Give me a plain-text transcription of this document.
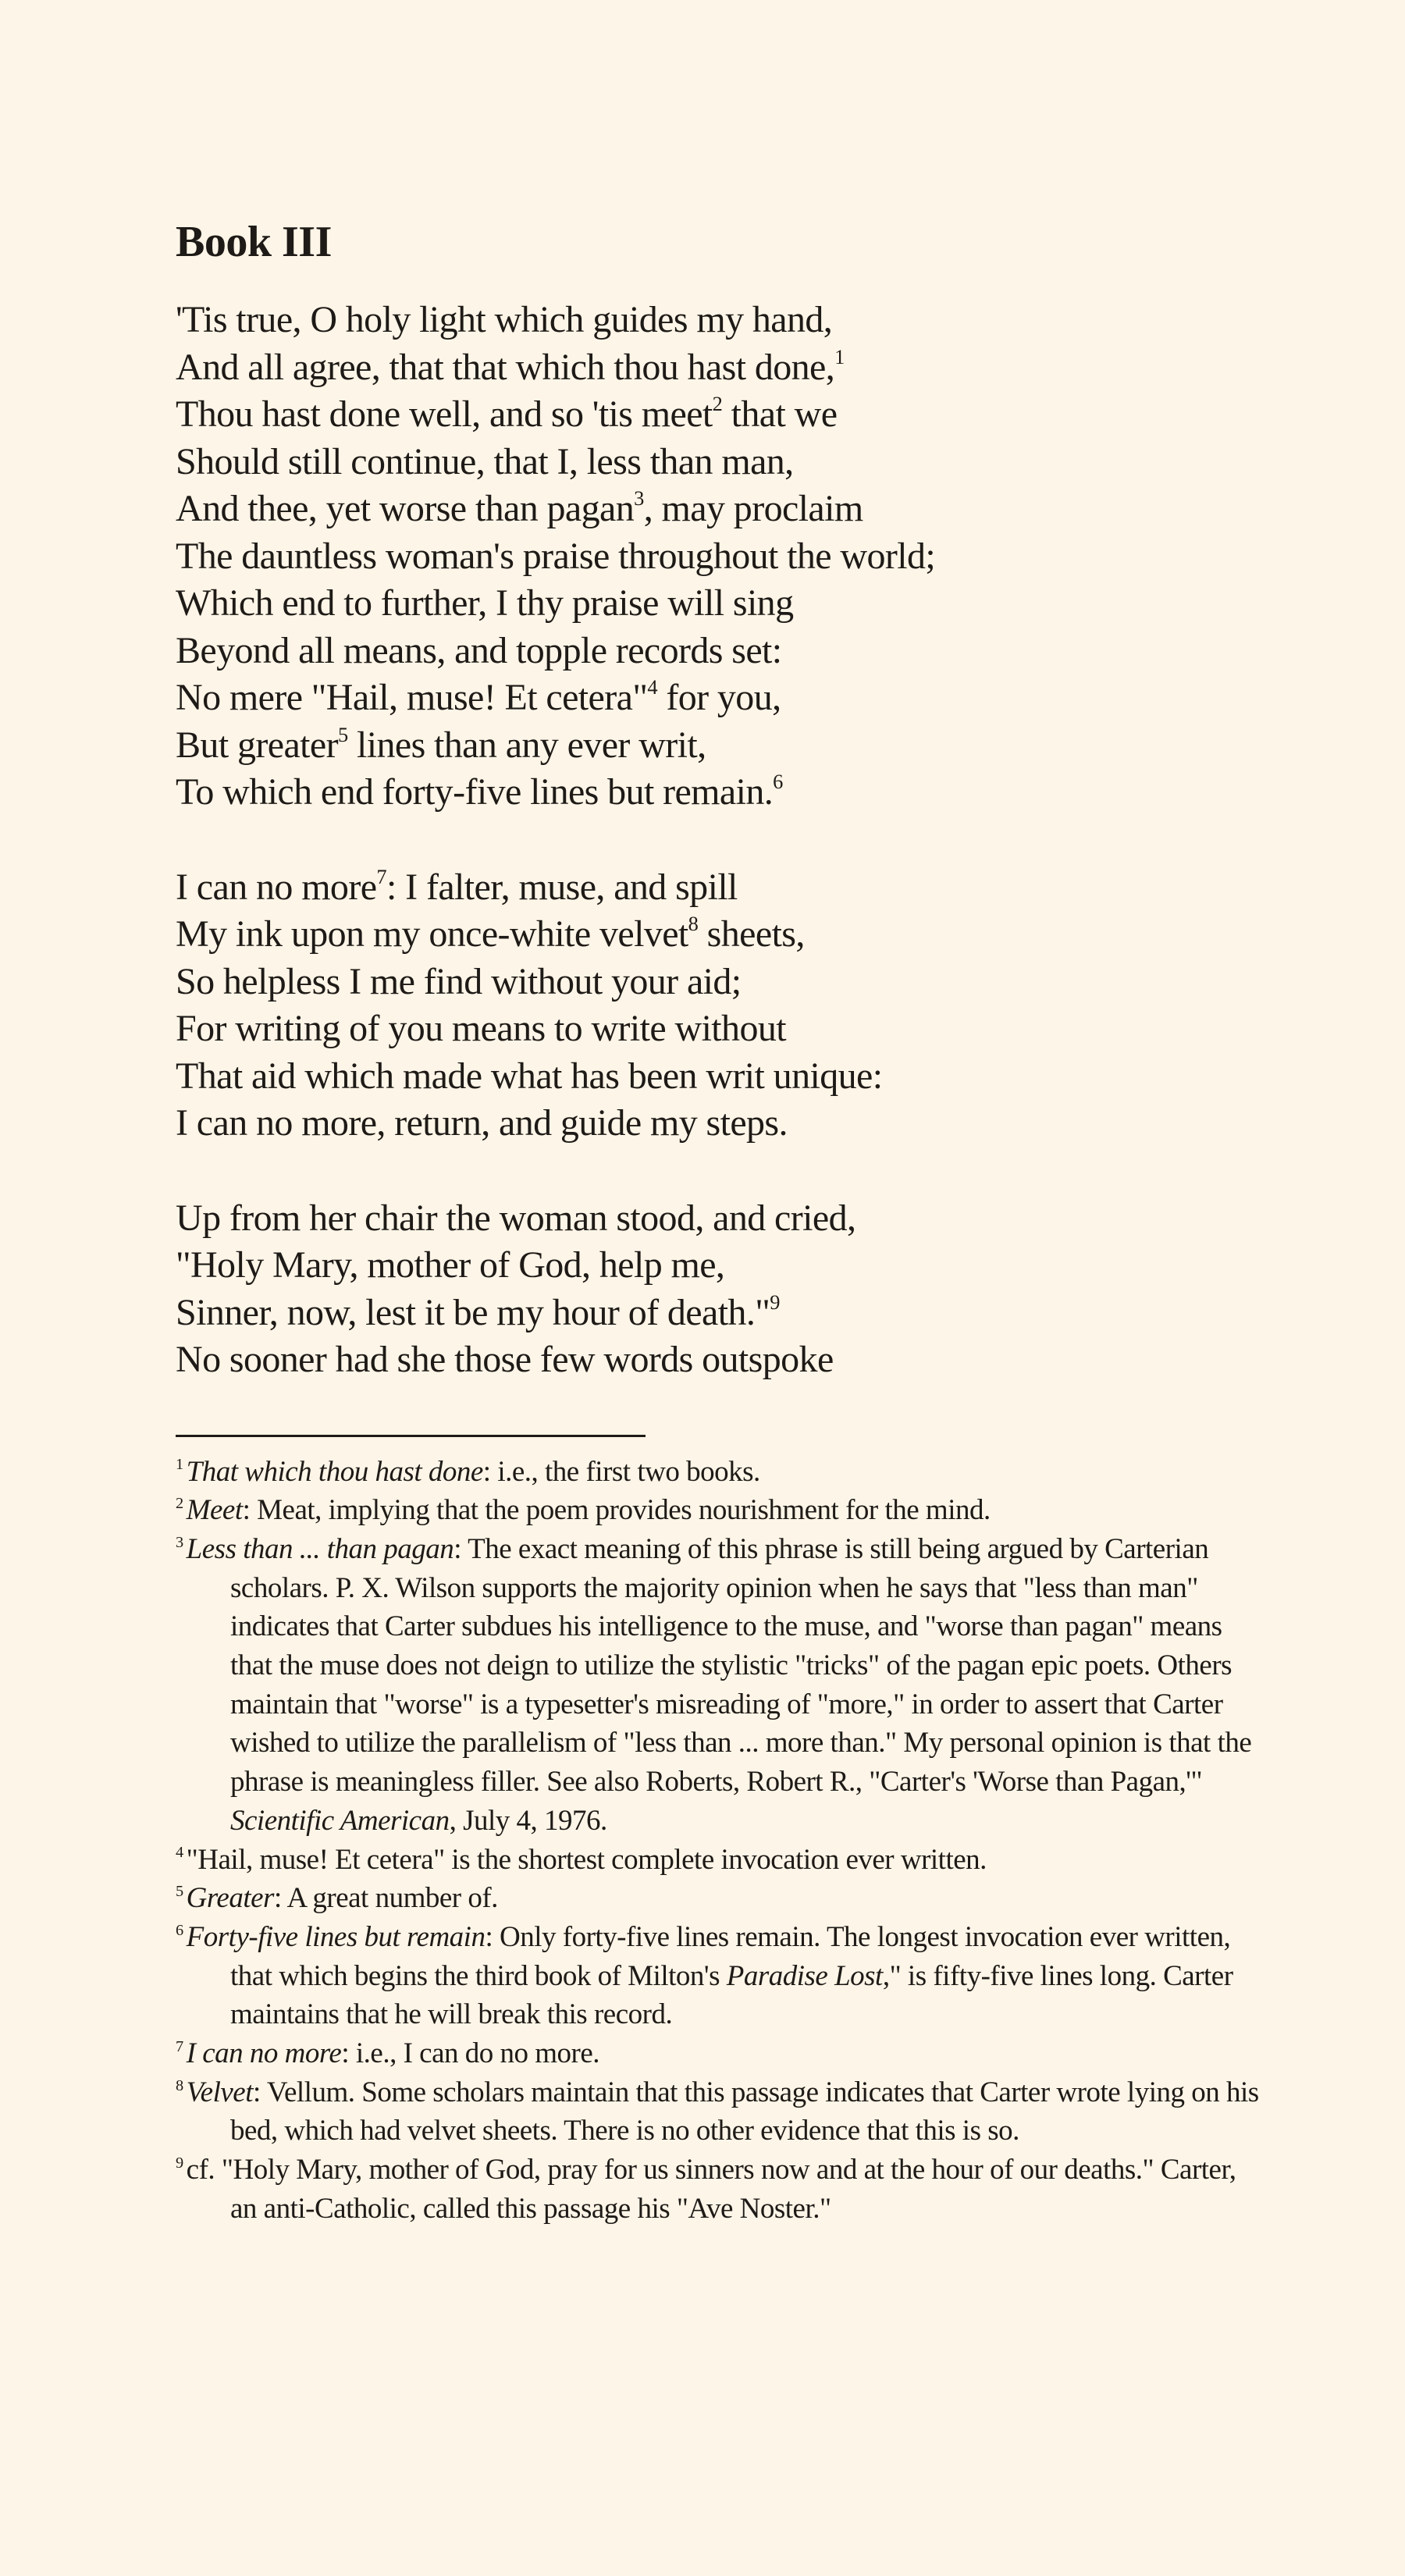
Book III
'Tis true, O holy light which guides my hand,
And all agree, that that which thou hast done,$^1$
Thou hast done well, and so 'tis meet$^2$ that we
Should still continue, that I, less than man,
And thee, yet worse than pagan$^3$, may proclaim
The dauntless woman's praise throughout the world;
Which end to further, I thy praise will sing
Beyond all means, and topple records set:
No mere "Hail, muse! Et cetera"$^4$ for you,
But greater$^5$ lines than any ever writ,
To which end forty-five lines but remain.$^6$
I can no more$^7$: I falter, muse, and spill
My ink upon my once-white velvet$^8$ sheets,
So helpless I me find without your aid;
For writing of you means to write without
That aid which made what has been writ unique:
I can no more, return, and guide my steps.
Up from her chair the woman stood, and cried,
"Holy Mary, mother of God, help me,
Sinner, now, lest it be my hour of death."$^9$
No sooner had she those few words outspoke
$^1$ That which thou hast done: i.e., the first two books.
$^2$ Meet: Meat, implying that the poem provides nourishment for the mind.
$^3$ Less than ... than pagan: The exact meaning of this phrase is still being argued by Carterian scholars. P. X. Wilson supports the majority opinion when he says that "less than man" indicates that Carter subdues his intelligence to the muse, and "worse than pagan" means that the muse does not deign to utilize the stylistic "tricks" of the pagan epic poets. Others maintain that "worse" is a typesetter's misreading of "more," in order to assert that Carter wished to utilize the parallelism of "less than ... more than." My personal opinion is that the phrase is meaningless filler. See also Roberts, Robert R., "Carter's 'Worse than Pagan,'" Scientific American, July 4, 1976.
$^4$ "Hail, muse! Et cetera" is the shortest complete invocation ever written.
$^5$ Greater: A great number of.
$^6$ Forty-five lines but remain: Only forty-five lines remain. The longest invocation ever written, that which begins the third book of Milton's Paradise Lost," is fifty-five lines long. Carter maintains that he will break this record.
$^7$ I can no more: i.e., I can do no more.
$^8$ Velvet: Vellum. Some scholars maintain that this passage indicates that Carter wrote lying on his bed, which had velvet sheets. There is no other evidence that this is so.
$^9$ cf. "Holy Mary, mother of God, pray for us sinners now and at the hour of our deaths." Carter, an anti-Catholic, called this passage his "Ave Noster."
